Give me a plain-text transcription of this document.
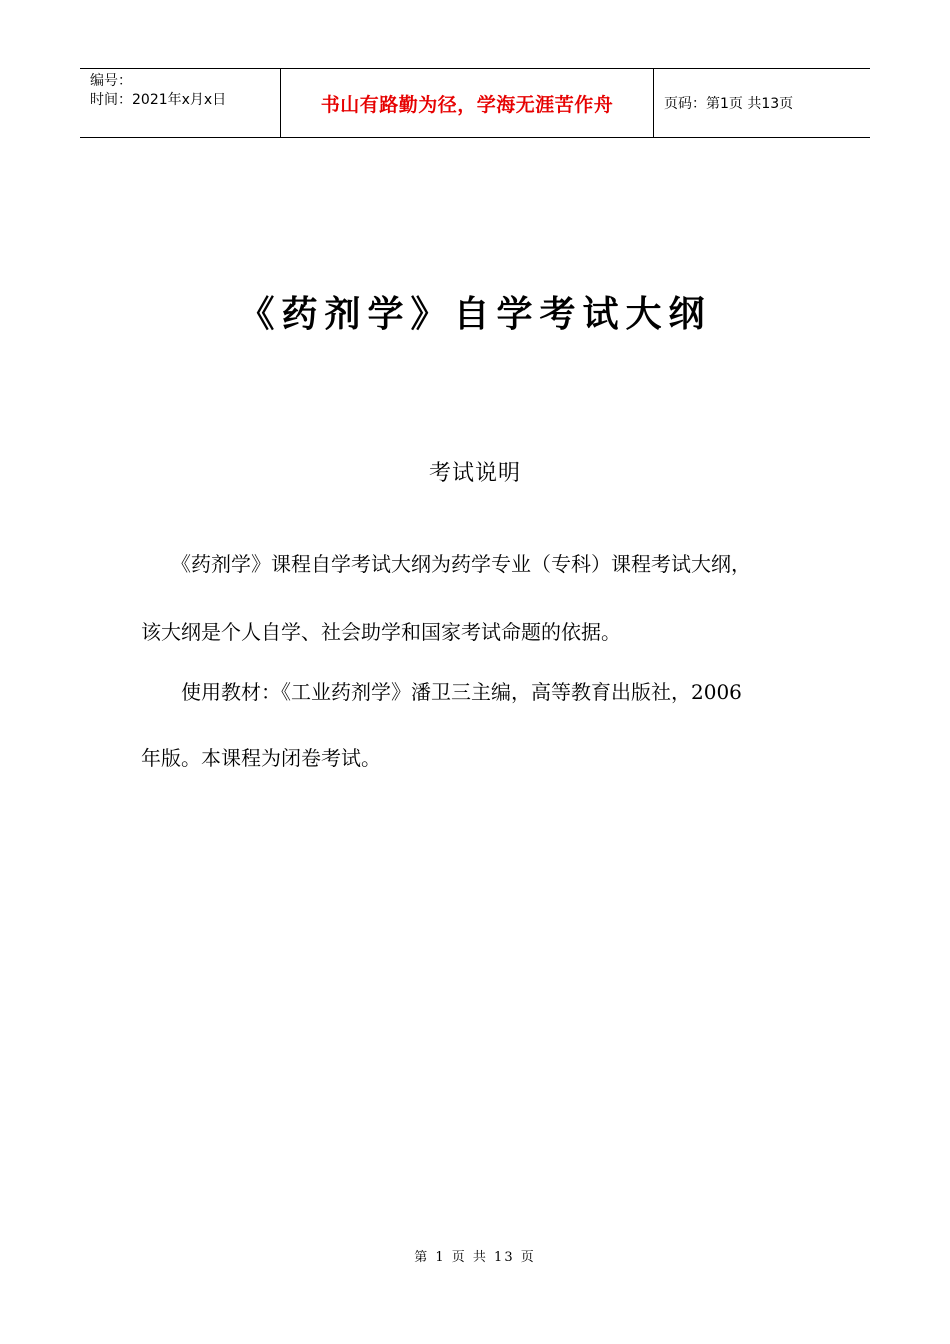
编号：
时间：2021年x月x日	书山有路勤为径，学海无涯苦作舟	页码：第1页 共13页
《药剂学》自学考试大纲
考试说明
　　《药剂学》课程自学考试大纲为药学专业（专科）课程考试大纲，
该大纲是个人自学、社会助学和国家考试命题的依据。
　　使用教材：《工业药剂学》潘卫三主编，高等教育出版社，2006
年版。本课程为闭卷考试。
第 1 页 共 13 页
